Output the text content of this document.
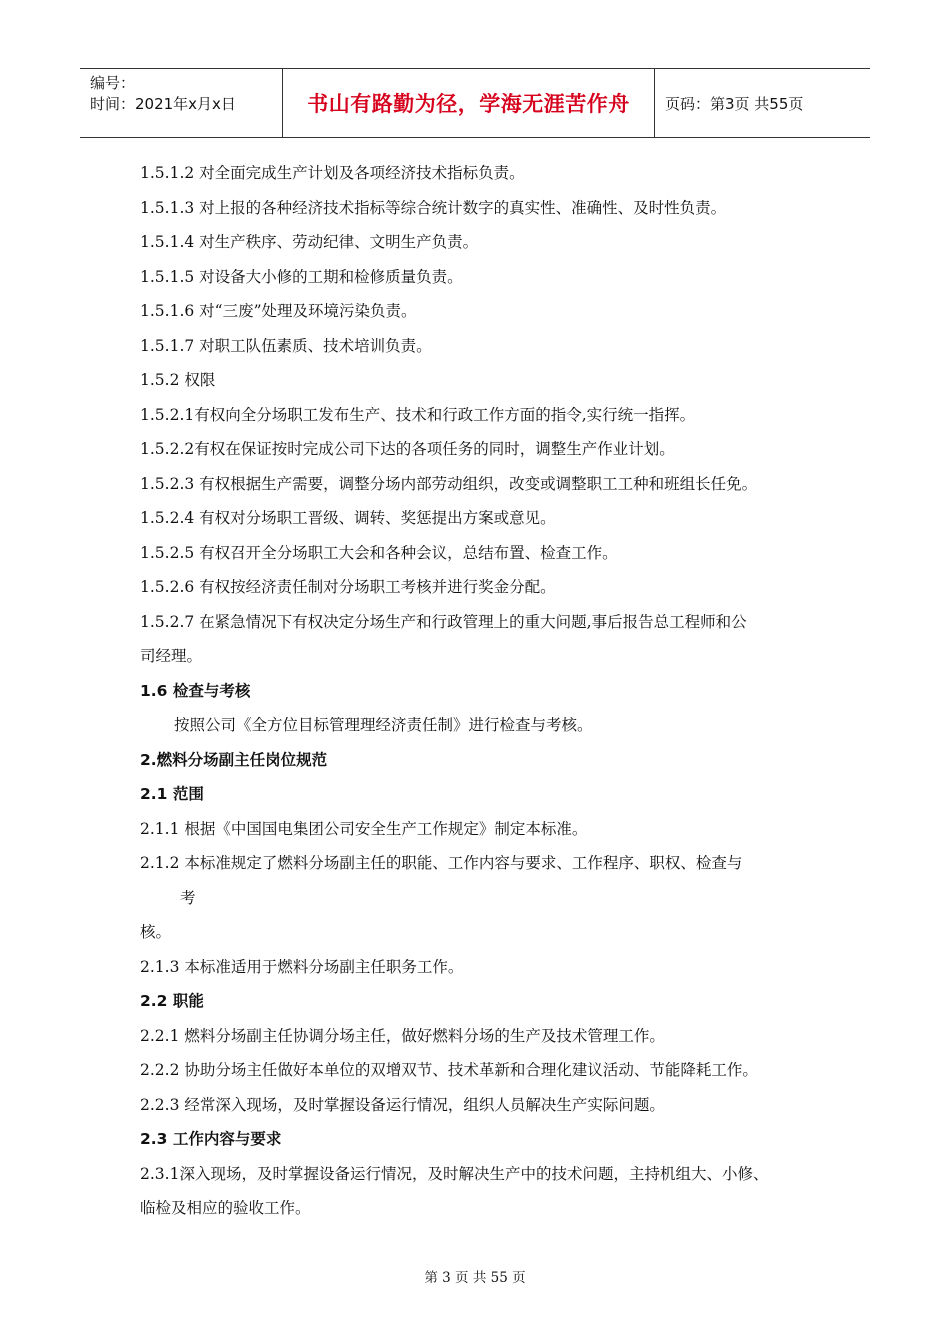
编号：
时间：2021年x月x日	书山有路勤为径，学海无涯苦作舟	页码：第3页 共55页
1.5.1.2 对全面完成生产计划及各项经济技术指标负责。
1.5.1.3 对上报的各种经济技术指标等综合统计数字的真实性、准确性、及时性负责。
1.5.1.4 对生产秩序、劳动纪律、文明生产负责。
1.5.1.5 对设备大小修的工期和检修质量负责。
1.5.1.6 对“三废”处理及环境污染负责。
1.5.1.7 对职工队伍素质、技术培训负责。
1.5.2 权限
1.5.2.1有权向全分场职工发布生产、技术和行政工作方面的指令,实行统一指挥。
1.5.2.2有权在保证按时完成公司下达的各项任务的同时，调整生产作业计划。
1.5.2.3 有权根据生产需要，调整分场内部劳动组织，改变或调整职工工种和班组长任免。
1.5.2.4 有权对分场职工晋级、调转、奖惩提出方案或意见。
1.5.2.5 有权召开全分场职工大会和各种会议，总结布置、检查工作。
1.5.2.6 有权按经济责任制对分场职工考核并进行奖金分配。
1.5.2.7 在紧急情况下有权决定分场生产和行政管理上的重大问题,事后报告总工程师和公
司经理。
1.6 检查与考核
按照公司《全方位目标管理理经济责任制》进行检查与考核。
2.燃料分场副主任岗位规范
2.1 范围
2.1.1 根据《中国国电集团公司安全生产工作规定》制定本标准。
2.1.2 本标准规定了燃料分场副主任的职能、工作内容与要求、工作程序、职权、检查与
考
核。
2.1.3 本标准适用于燃料分场副主任职务工作。
2.2 职能
2.2.1 燃料分场副主任协调分场主任，做好燃料分场的生产及技术管理工作。
2.2.2 协助分场主任做好本单位的双增双节、技术革新和合理化建议活动、节能降耗工作。
2.2.3 经常深入现场，及时掌握设备运行情况，组织人员解决生产实际问题。
2.3 工作内容与要求
2.3.1深入现场，及时掌握设备运行情况，及时解决生产中的技术问题，主持机组大、小修、
临检及相应的验收工作。
第 3 页 共 55 页
